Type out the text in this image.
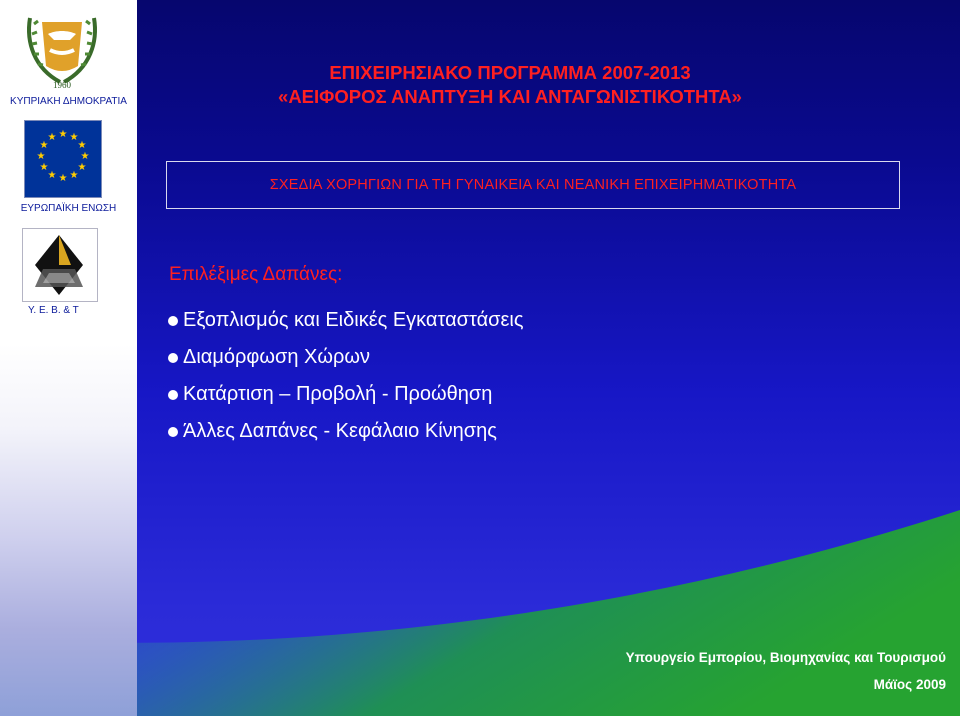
1960
ΚΥΠΡΙΑΚΗ ΔΗΜΟΚΡΑΤΙΑ
★ ★
★
★
★
★
★
★
★
★
★
★
ΕΥΡΩΠΑΪΚΗ ΕΝΩΣΗ
Y. E. B. & T
ΕΠΙΧΕΙΡΗΣΙΑΚΟ ΠΡΟΓΡΑΜΜΑ 2007-2013
«ΑΕΙΦΟΡΟΣ ΑΝΑΠΤΥΞΗ ΚΑΙ ΑΝΤΑΓΩΝΙΣΤΙΚΟΤΗΤΑ»
ΣΧΕΔΙΑ ΧΟΡΗΓΙΩΝ ΓΙΑ ΤΗ ΓΥΝΑΙΚΕΙΑ ΚΑΙ ΝΕΑΝΙΚΗ ΕΠΙΧΕΙΡΗΜΑΤΙΚΟΤΗΤΑ
Επιλέξιμες Δαπάνες:
Εξοπλισμός και Ειδικές Εγκαταστάσεις
Διαμόρφωση Χώρων
Κατάρτιση – Προβολή - Προώθηση
Άλλες Δαπάνες - Κεφάλαιο Κίνησης
Υπουργείο Εμπορίου, Βιομηχανίας και Τουρισμού
Μάϊος 2009
